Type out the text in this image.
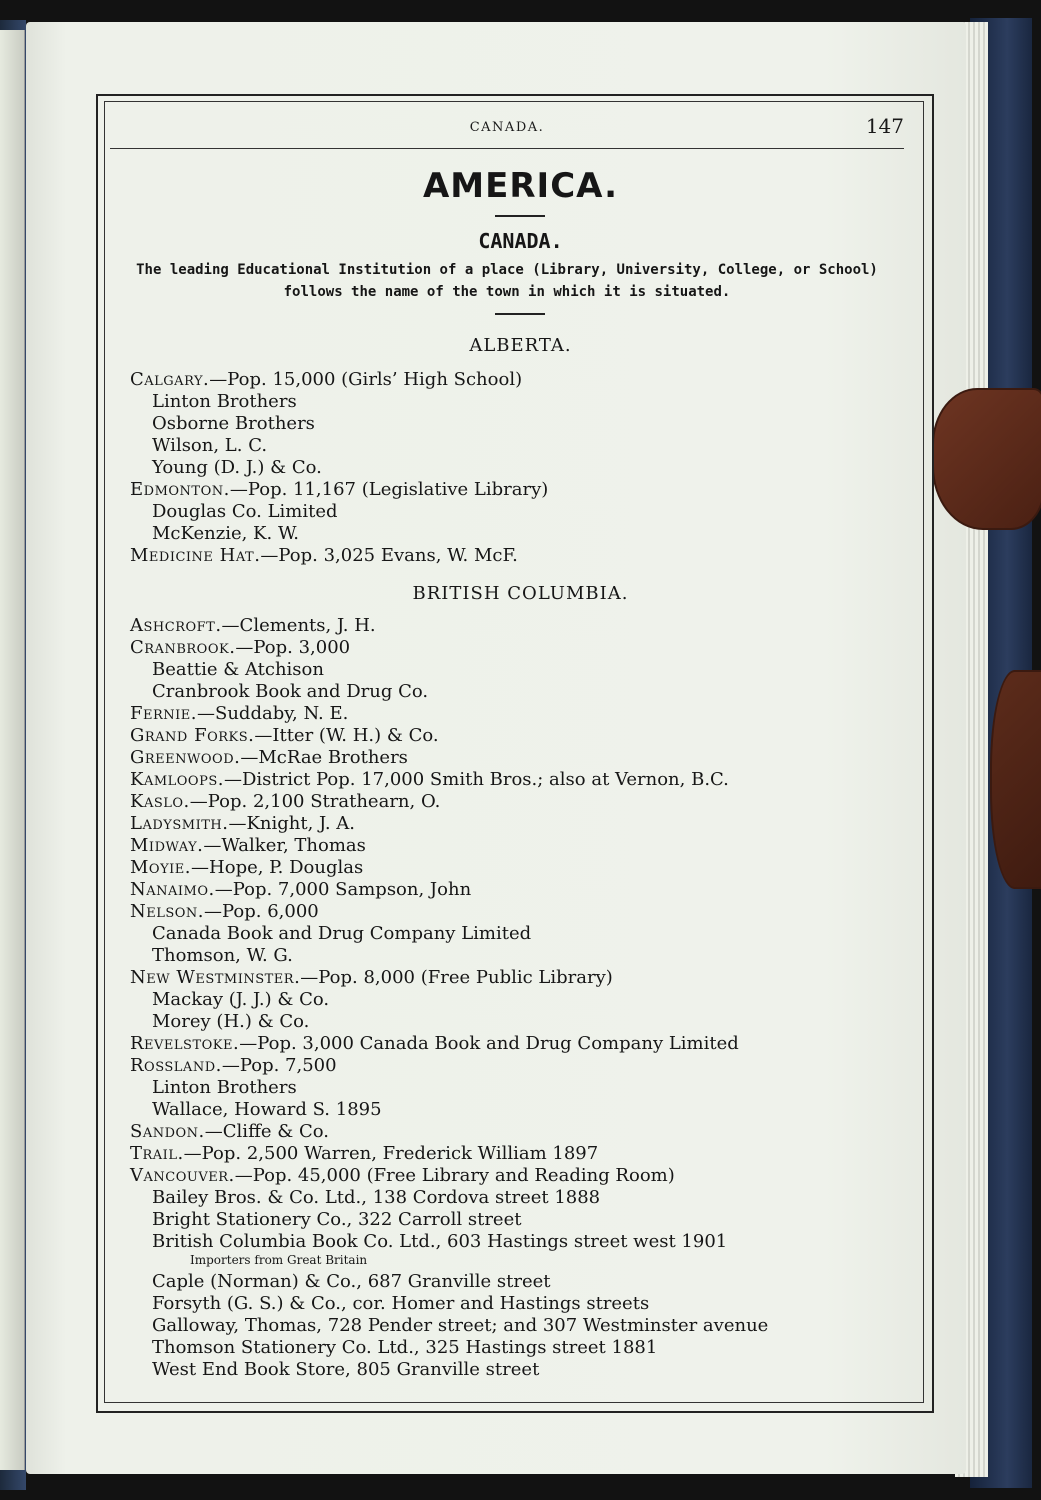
CANADA.	147
AMERICA.
CANADA.
The leading Educational Institution of a place (Library, University, College, or School)
follows the name of the town in which it is situated.
ALBERTA.
Calgary.—Pop. 15,000 (Girls’ High School)
Linton Brothers
Osborne Brothers
Wilson, L. C.
Young (D. J.) & Co.
Edmonton.—Pop. 11,167 (Legislative Library)
Douglas Co. Limited
McKenzie, K. W.
Medicine Hat.—Pop. 3,025 Evans, W. McF.
BRITISH COLUMBIA.
Ashcroft.—Clements, J. H.
Cranbrook.—Pop. 3,000
Beattie & Atchison
Cranbrook Book and Drug Co.
Fernie.—Suddaby, N. E.
Grand Forks.—Itter (W. H.) & Co.
Greenwood.—McRae Brothers
Kamloops.—District Pop. 17,000 Smith Bros.; also at Vernon, B.C.
Kaslo.—Pop. 2,100 Strathearn, O.
Ladysmith.—Knight, J. A.
Midway.—Walker, Thomas
Moyie.—Hope, P. Douglas
Nanaimo.—Pop. 7,000 Sampson, John
Nelson.—Pop. 6,000
Canada Book and Drug Company Limited
Thomson, W. G.
New Westminster.—Pop. 8,000 (Free Public Library)
Mackay (J. J.) & Co.
Morey (H.) & Co.
Revelstoke.—Pop. 3,000 Canada Book and Drug Company Limited
Rossland.—Pop. 7,500
Linton Brothers
Wallace, Howard S. 1895
Sandon.—Cliffe & Co.
Trail.—Pop. 2,500 Warren, Frederick William 1897
Vancouver.—Pop. 45,000 (Free Library and Reading Room)
Bailey Bros. & Co. Ltd., 138 Cordova street 1888
Bright Stationery Co., 322 Carroll street
British Columbia Book Co. Ltd., 603 Hastings street west 1901
Importers from Great Britain
Caple (Norman) & Co., 687 Granville street
Forsyth (G. S.) & Co., cor. Homer and Hastings streets
Galloway, Thomas, 728 Pender street; and 307 Westminster avenue
Thomson Stationery Co. Ltd., 325 Hastings street 1881
West End Book Store, 805 Granville street
